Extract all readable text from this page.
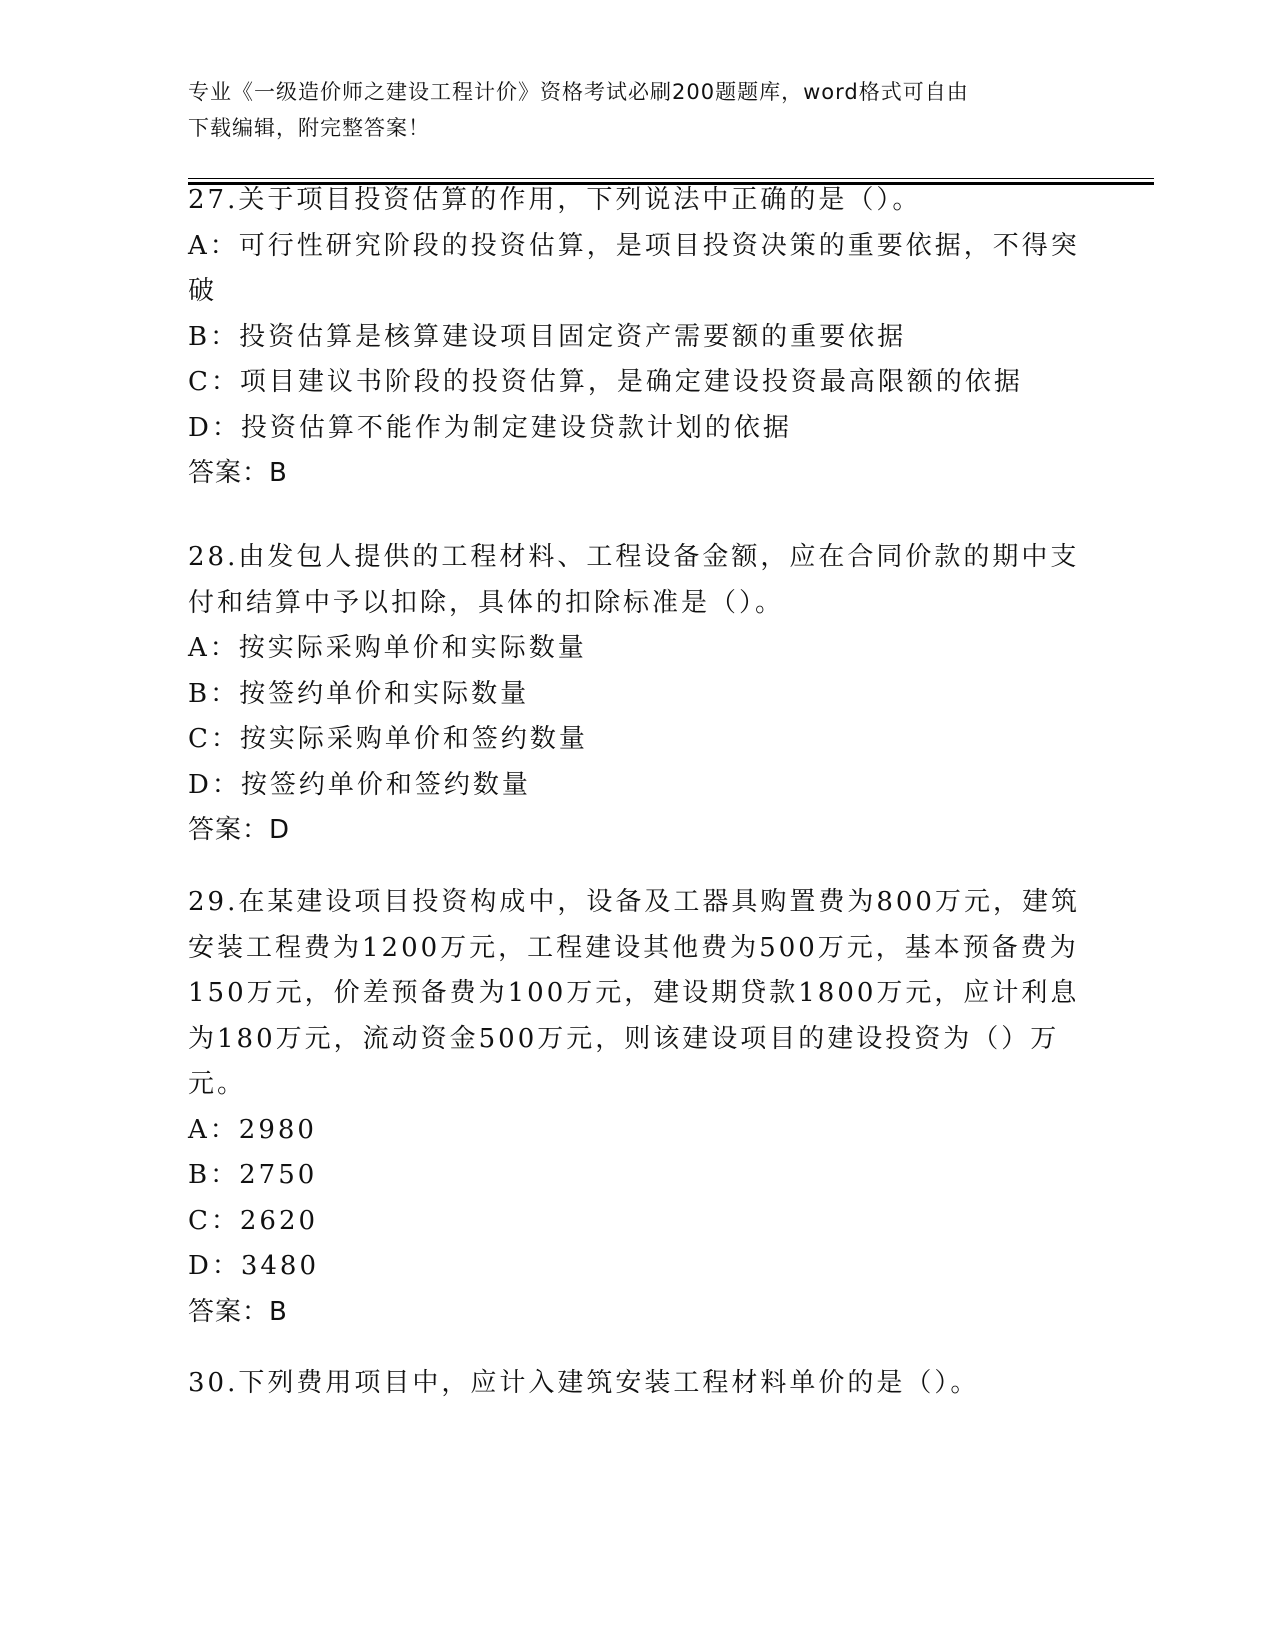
专业《一级造价师之建设工程计价》资格考试必刷200题题库，word格式可自由
下载编辑，附完整答案！
27.关于项目投资估算的作用，下列说法中正确的是（）。
A：可行性研究阶段的投资估算，是项目投资决策的重要依据，不得突
破
B：投资估算是核算建设项目固定资产需要额的重要依据
C：项目建议书阶段的投资估算，是确定建设投资最高限额的依据
D：投资估算不能作为制定建设贷款计划的依据
答案：B
28.由发包人提供的工程材料、工程设备金额，应在合同价款的期中支
付和结算中予以扣除，具体的扣除标准是（）。
A：按实际采购单价和实际数量
B：按签约单价和实际数量
C：按实际采购单价和签约数量
D：按签约单价和签约数量
答案：D
29.在某建设项目投资构成中，设备及工器具购置费为800万元，建筑
安装工程费为1200万元，工程建设其他费为500万元，基本预备费为
150万元，价差预备费为100万元，建设期贷款1800万元，应计利息
为180万元，流动资金500万元，则该建设项目的建设投资为（）万
元。
A：2980
B：2750
C：2620
D：3480
答案：B
30.下列费用项目中，应计入建筑安装工程材料单价的是（）。
